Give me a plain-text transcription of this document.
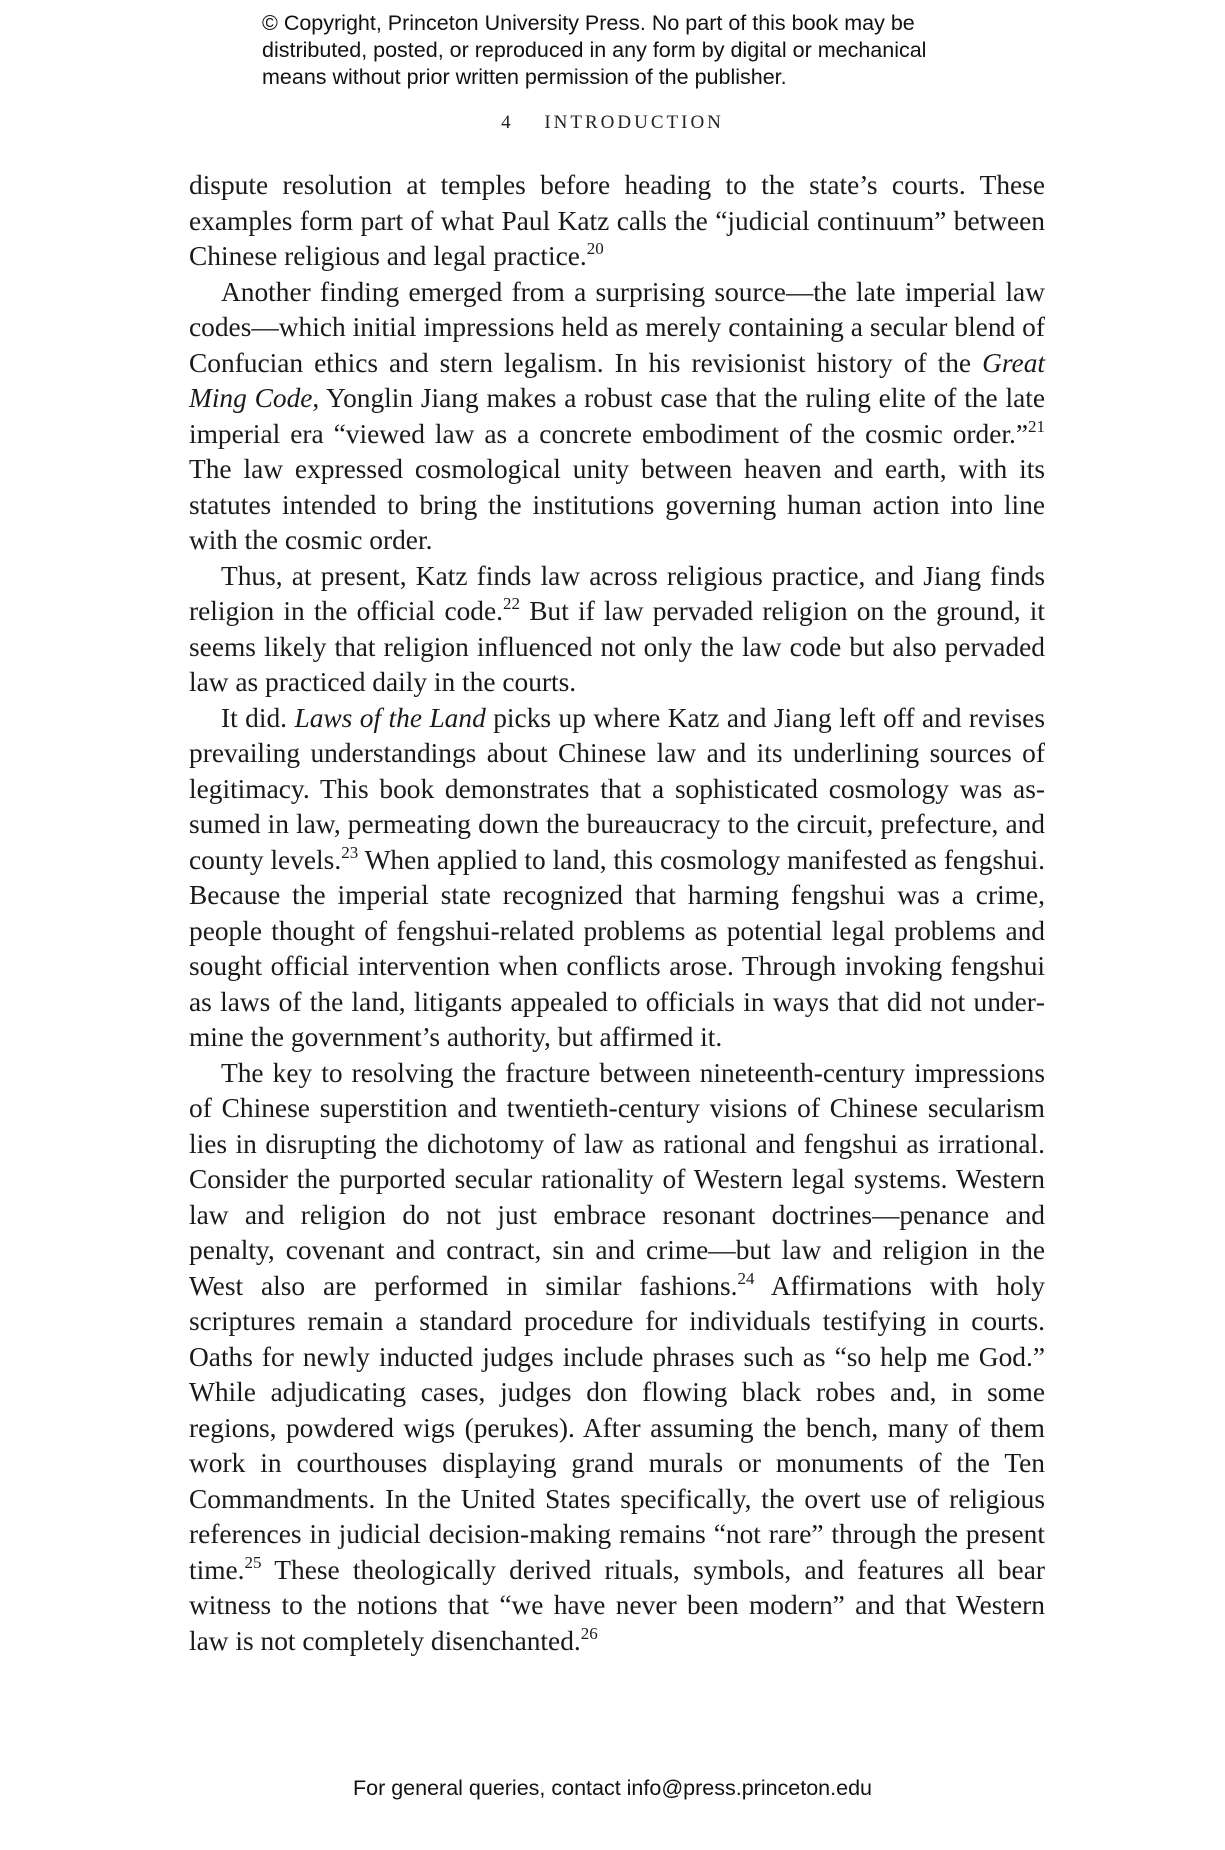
© Copyright, Princeton University Press. No part of this book may be
distributed, posted, or reproduced in any form by digital or mechanical
means without prior written permission of the publisher.
4 INTRODUCTION

dispute resolution at temples before heading to the state’s courts. These examples form part of what Paul Katz calls the “judicial continuum” between Chinese religious and legal practice.$^{20}$

Another finding emerged from a surprising source—the late imperial law codes—which initial impressions held as merely containing a secular blend of Confucian ethics and stern legalism. In his revisionist history of the Great Ming Code, Yonglin Jiang makes a robust case that the ruling elite of the late imperial era “viewed law as a concrete embodiment of the cosmic order.”$^{21}$ The law expressed cosmological unity between heaven and earth, with its statutes intended to bring the institutions governing human action into line with the cosmic order.

Thus, at present, Katz finds law across religious practice, and Jiang finds religion in the official code.$^{22}$ But if law pervaded religion on the ground, it seems likely that religion influenced not only the law code but also pervaded law as practiced daily in the courts.

It did. Laws of the Land picks up where Katz and Jiang left off and revises prevailing understandings about Chinese law and its underlining sources of legitimacy. This book demonstrates that a sophisticated cosmology was assumed in law, permeating down the bureaucracy to the circuit, prefecture, and county levels.$^{23}$ When applied to land, this cosmology manifested as fengshui. Because the imperial state recognized that harming fengshui was a crime, people thought of fengshui-related problems as potential legal problems and sought official intervention when conflicts arose. Through invoking fengshui as laws of the land, litigants appealed to officials in ways that did not undermine the government’s authority, but affirmed it.

The key to resolving the fracture between nineteenth-century impressions of Chinese superstition and twentieth-century visions of Chinese secularism lies in disrupting the dichotomy of law as rational and fengshui as irrational. Consider the purported secular rationality of Western legal systems. Western law and religion do not just embrace resonant doctrines—penance and penalty, covenant and contract, sin and crime—but law and religion in the West also are performed in similar fashions.$^{24}$ Affirmations with holy scriptures remain a standard procedure for individuals testifying in courts. Oaths for newly inducted judges include phrases such as “so help me God.” While adjudicating cases, judges don flowing black robes and, in some regions, powdered wigs (perukes). After assuming the bench, many of them work in courthouses displaying grand murals or monuments of the Ten Commandments. In the United States specifically, the overt use of religious references in judicial decision-making remains “not rare” through the present time.$^{25}$ These theologically derived rituals, symbols, and features all bear witness to the notions that “we have never been modern” and that Western law is not completely disenchanted.$^{26}$

For general queries, contact info@press.princeton.edu
